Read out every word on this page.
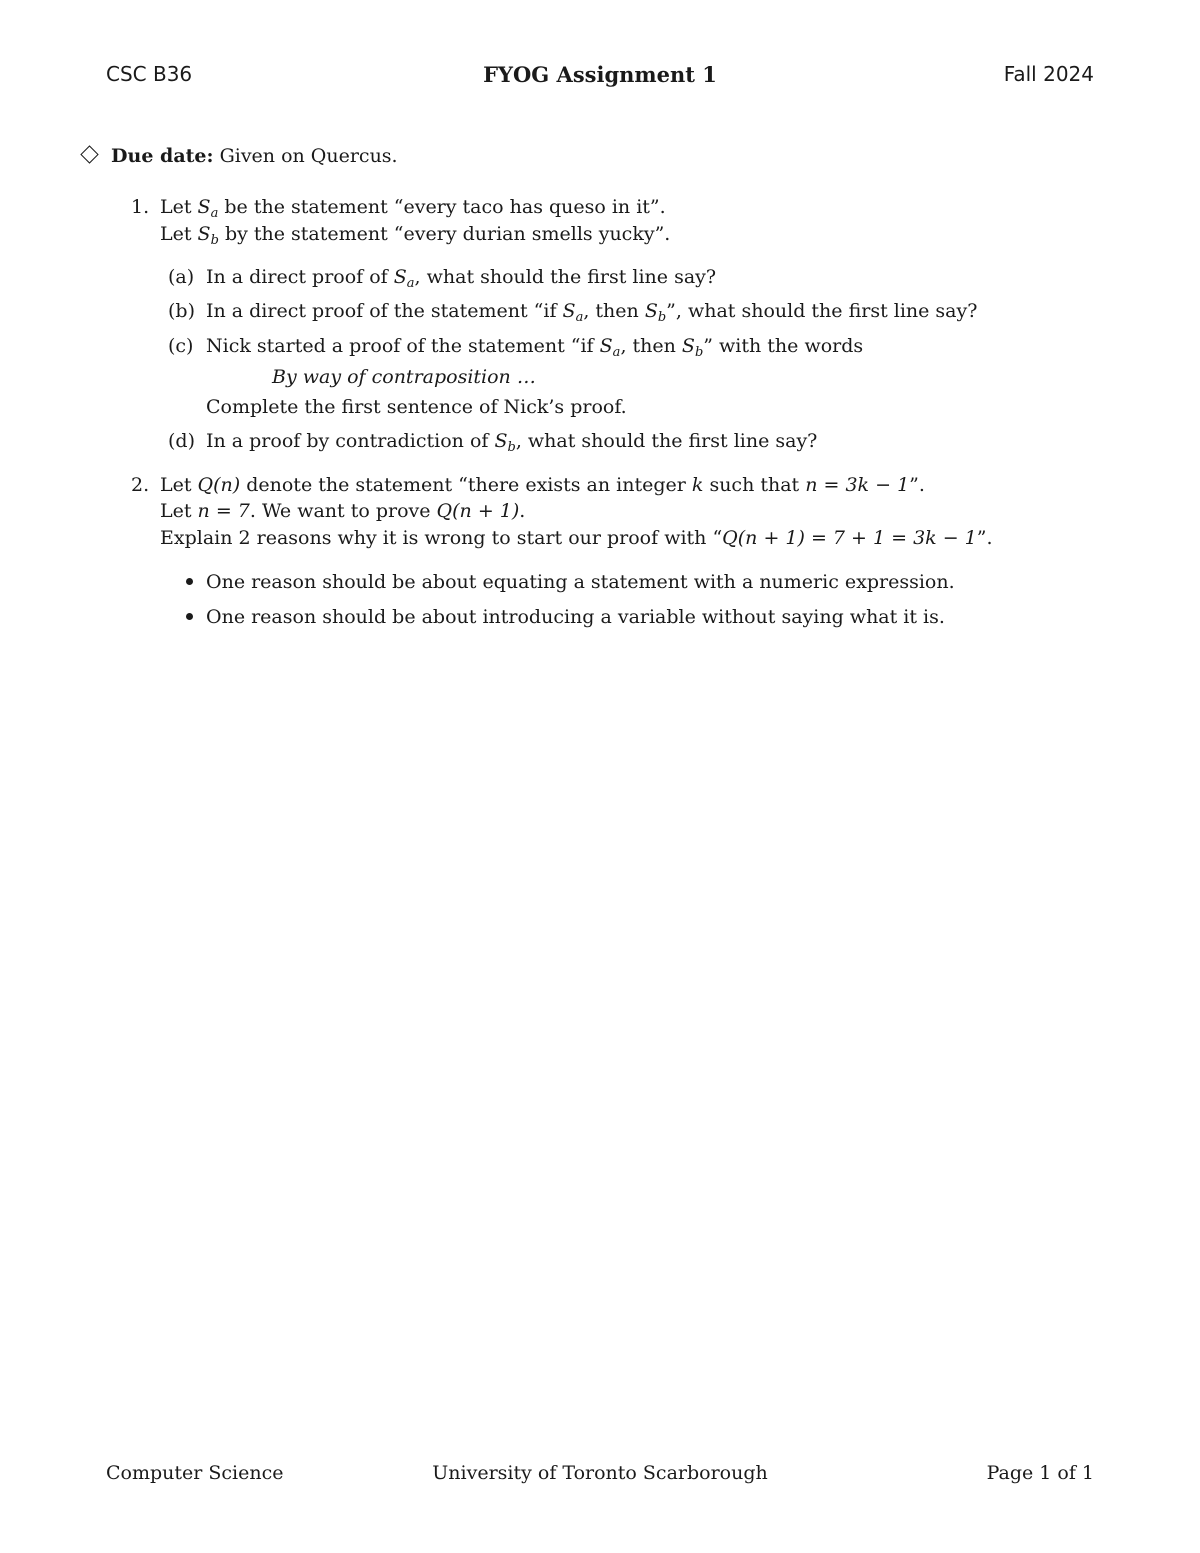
CSC B36	FYOG Assignment 1	Fall 2024
Due date: Given on Quercus.
1. Let $S_a$ be the statement “every taco has queso in it”.
Let $S_b$ by the statement “every durian smells yucky”.
(a) In a direct proof of $S_a$, what should the first line say?
(b) In a direct proof of the statement “if $S_a$, then $S_b$”, what should the first line say?
(c) Nick started a proof of the statement “if $S_a$, then $S_b$” with the words
By way of contraposition …
Complete the first sentence of Nick’s proof.
(d) In a proof by contradiction of $S_b$, what should the first line say?
2. Let Q(n) denote the statement “there exists an integer k such that n = 3k − 1”.
Let n = 7. We want to prove Q(n + 1).
Explain 2 reasons why it is wrong to start our proof with “Q(n + 1) = 7 + 1 = 3k − 1”.
One reason should be about equating a statement with a numeric expression.
One reason should be about introducing a variable without saying what it is.
Computer Science	University of Toronto Scarborough	Page 1 of 1
